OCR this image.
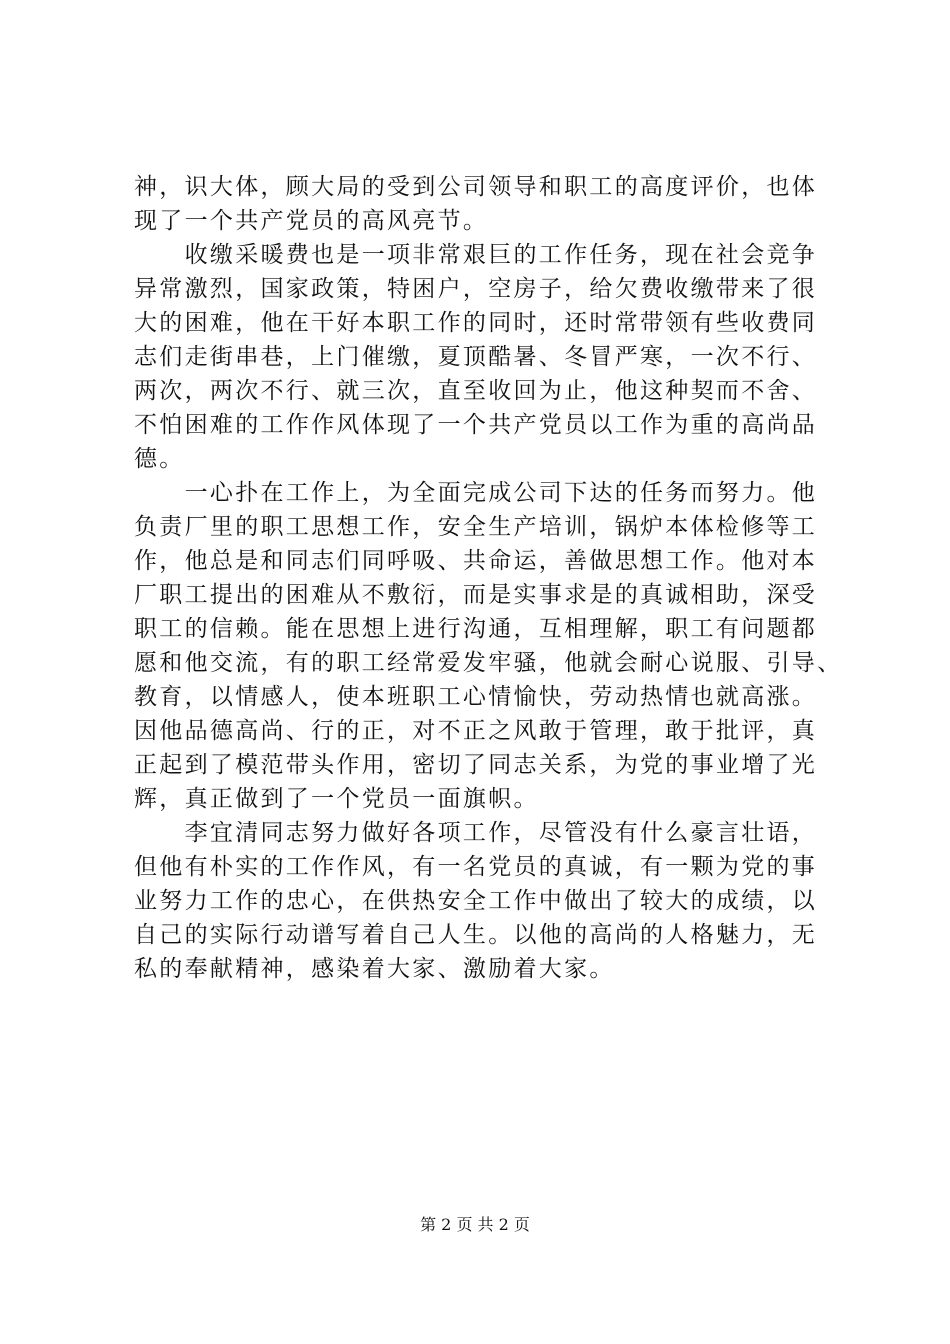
神，识大体，顾大局的受到公司领导和职工的高度评价，也体
现了一个共产党员的高风亮节。
　　收缴采暖费也是一项非常艰巨的工作任务，现在社会竞争
异常激烈，国家政策，特困户，空房子，给欠费收缴带来了很
大的困难，他在干好本职工作的同时，还时常带领有些收费同
志们走街串巷，上门催缴，夏顶酷暑、冬冒严寒，一次不行、
两次，两次不行、就三次，直至收回为止，他这种契而不舍、
不怕困难的工作作风体现了一个共产党员以工作为重的高尚品
德。
　　一心扑在工作上，为全面完成公司下达的任务而努力。他
负责厂里的职工思想工作，安全生产培训，锅炉本体检修等工
作，他总是和同志们同呼吸、共命运，善做思想工作。他对本
厂职工提出的困难从不敷衍，而是实事求是的真诚相助，深受
职工的信赖。能在思想上进行沟通，互相理解，职工有问题都
愿和他交流，有的职工经常爱发牢骚，他就会耐心说服、引导、
教育，以情感人，使本班职工心情愉快，劳动热情也就高涨。
因他品德高尚、行的正，对不正之风敢于管理，敢于批评，真
正起到了模范带头作用，密切了同志关系，为党的事业增了光
辉，真正做到了一个党员一面旗帜。
　　李宜清同志努力做好各项工作，尽管没有什么豪言壮语，
但他有朴实的工作作风，有一名党员的真诚，有一颗为党的事
业努力工作的忠心，在供热安全工作中做出了较大的成绩，以
自己的实际行动谱写着自己人生。以他的高尚的人格魅力，无
私的奉献精神，感染着大家、激励着大家。
第 2 页 共 2 页
